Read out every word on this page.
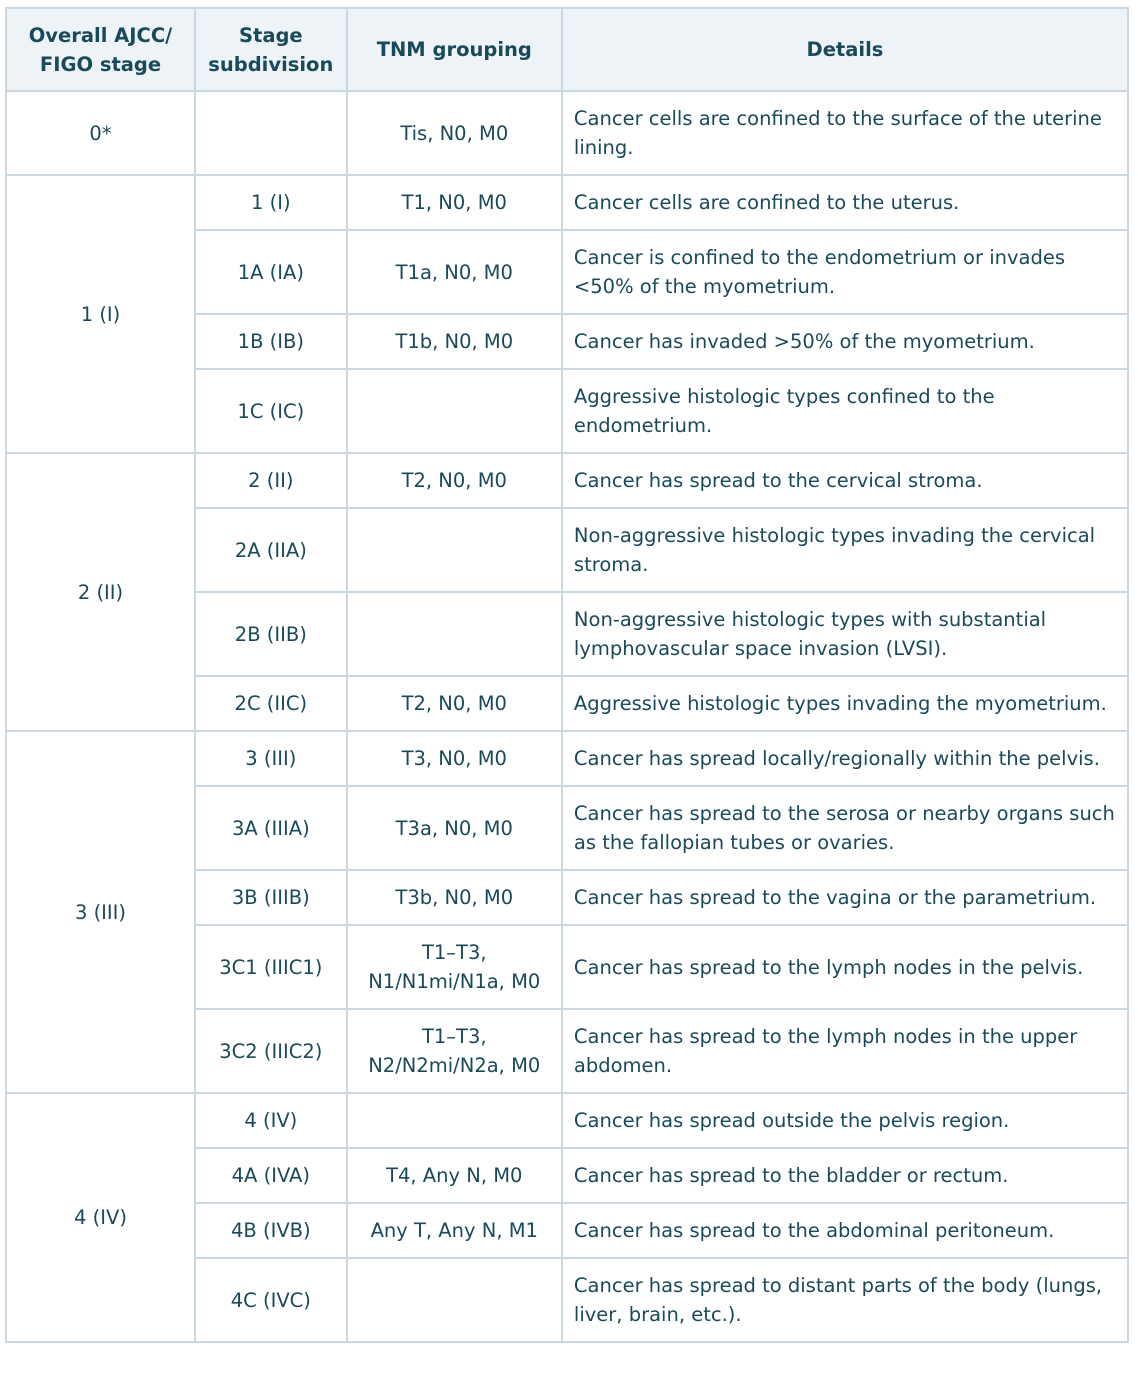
Overall AJCC/ FIGO stage	Stage subdivision	TNM grouping	Details
0*		Tis, N0, M0	Cancer cells are confined to the surface of the uterine lining.
1 (I)	1 (I)	T1, N0, M0	Cancer cells are confined to the uterus.
	1A (IA)	T1a, N0, M0	Cancer is confined to the endometrium or invades <50% of the myometrium.
	1B (IB)	T1b, N0, M0	Cancer has invaded >50% of the myometrium.
	1C (IC)		Aggressive histologic types confined to the endometrium.
2 (II)	2 (II)	T2, N0, M0	Cancer has spread to the cervical stroma.
	2A (IIA)		Non-aggressive histologic types invading the cervical stroma.
	2B (IIB)		Non-aggressive histologic types with substantial lymphovascular space invasion (LVSI).
	2C (IIC)	T2, N0, M0	Aggressive histologic types invading the myometrium.
3 (III)	3 (III)	T3, N0, M0	Cancer has spread locally/regionally within the pelvis.
	3A (IIIA)	T3a, N0, M0	Cancer has spread to the serosa or nearby organs such as the fallopian tubes or ovaries.
	3B (IIIB)	T3b, N0, M0	Cancer has spread to the vagina or the parametrium.
	3C1 (IIIC1)	T1–T3, N1/N1mi/N1a, M0	Cancer has spread to the lymph nodes in the pelvis.
	3C2 (IIIC2)	T1–T3, N2/N2mi/N2a, M0	Cancer has spread to the lymph nodes in the upper abdomen.
4 (IV)	4 (IV)		Cancer has spread outside the pelvis region.
	4A (IVA)	T4, Any N, M0	Cancer has spread to the bladder or rectum.
	4B (IVB)	Any T, Any N, M1	Cancer has spread to the abdominal peritoneum.
	4C (IVC)		Cancer has spread to distant parts of the body (lungs, liver, brain, etc.).
